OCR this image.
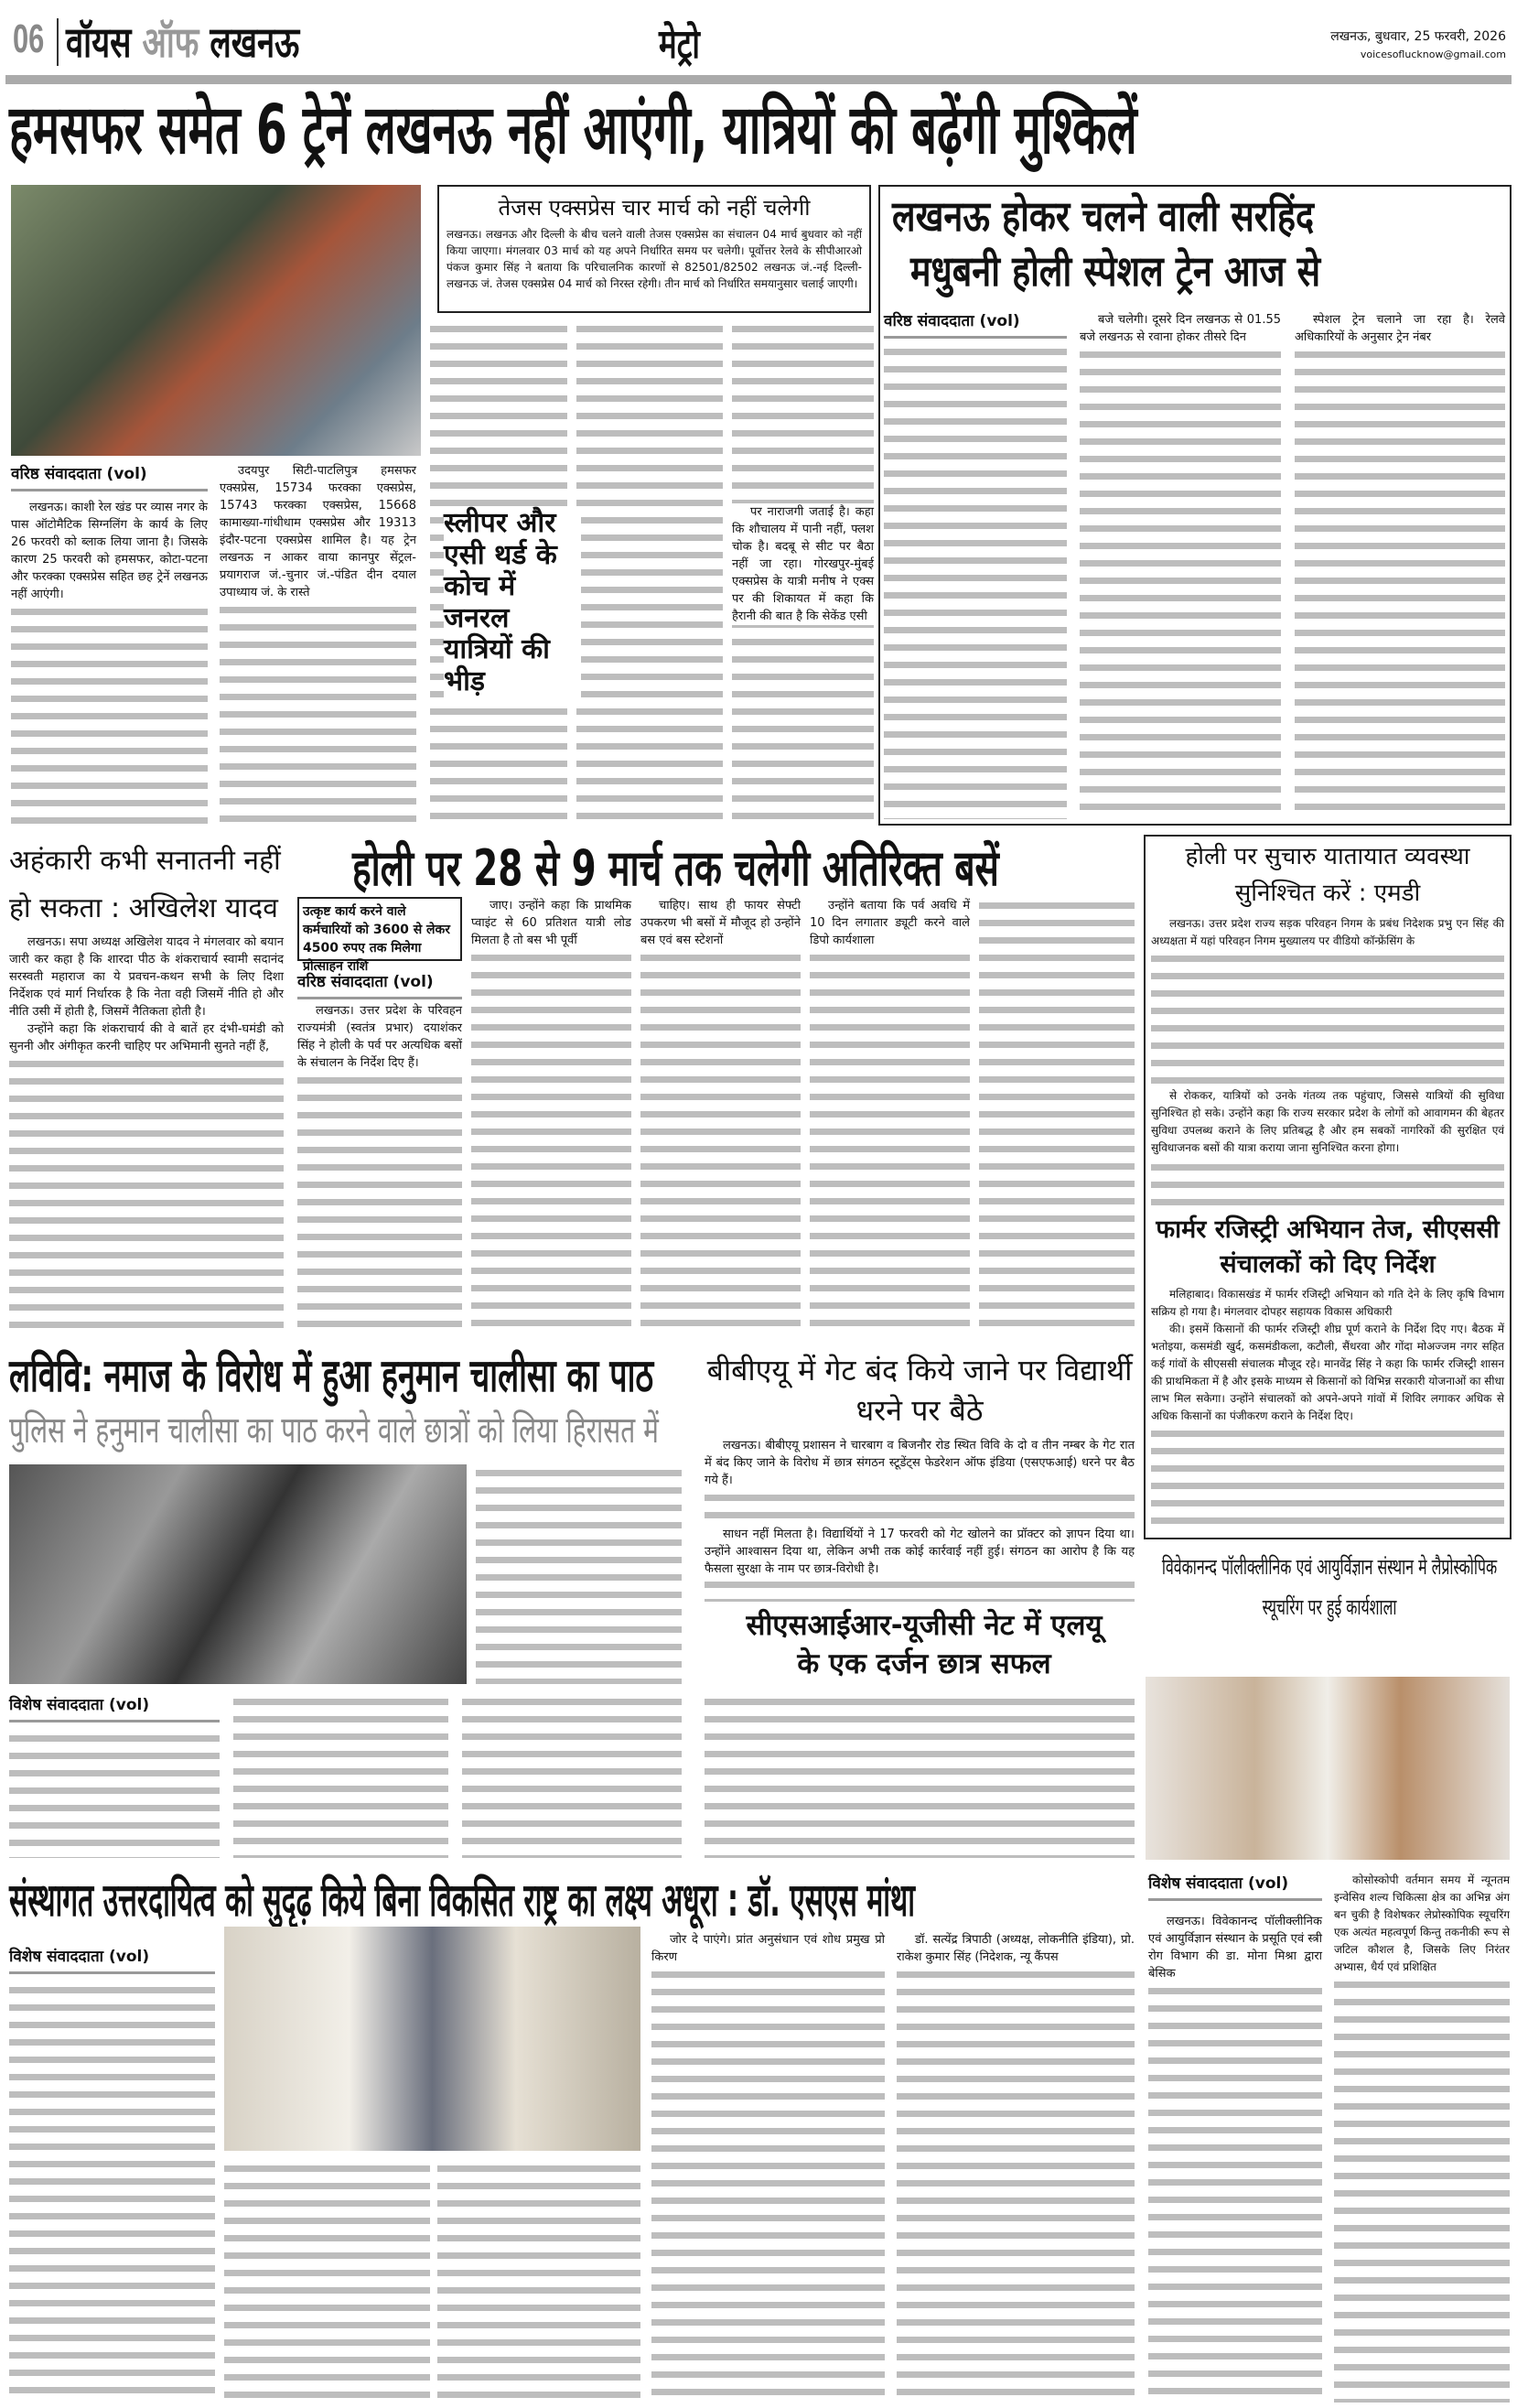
06 वॉयस ऑफ लखनऊ	मेट्रो	लखनऊ, बुधवार, 25 फरवरी, 2026
voicesoflucknow@gmail.com
हमसफर समेत 6 ट्रेनें लखनऊ नहीं आएंगी, यात्रियों की बढ़ेंगी मुश्किलें
वरिष्ठ संवाददाता (vol)

लखनऊ। काशी रेल खंड पर व्यास नगर के पास ऑटोमैटिक सिग्नलिंग के कार्य के लिए 26 फरवरी को ब्लाक लिया जाना है। जिसके कारण 25 फरवरी को हमसफर, कोटा-पटना और फरक्का एक्सप्रेस सहित छह ट्रेनें लखनऊ नहीं आएंगी।

उदयपुर सिटी-पाटलिपुत्र हमसफर एक्सप्रेस, 15734 फरक्का एक्सप्रेस, 15743 फरक्का एक्सप्रेस, 15668 कामाख्या-गांधीधाम एक्सप्रेस और 19313 इंदौर-पटना एक्सप्रेस शामिल है। यह ट्रेन लखनऊ न आकर वाया कानपुर सेंट्रल-प्रयागराज जं.-चुनार जं.-पंडित दीन दयाल उपाध्याय जं. के रास्ते

तेजस एक्सप्रेस चार मार्च को नहीं चलेगी
लखनऊ। लखनऊ और दिल्ली के बीच चलने वाली तेजस एक्सप्रेस का संचालन 04 मार्च बुधवार को नहीं किया जाएगा। मंगलवार 03 मार्च को यह अपने निर्धारित समय पर चलेगी। पूर्वोत्तर रेलवे के सीपीआरओ पंकज कुमार सिंह ने बताया कि परिचालनिक कारणों से 82501/82502 लखनऊ जं.-नई दिल्ली-लखनऊ जं. तेजस एक्सप्रेस 04 मार्च को निरस्त रहेगी। तीन मार्च को निर्धारित समयानुसार चलाई जाएगी।

पर नाराजगी जताई है। कहा कि शौचालय में पानी नहीं, फ्लश चोक है। बदबू से सीट पर बैठा नहीं जा रहा। गोरखपुर-मुंबई एक्सप्रेस के यात्री मनीष ने एक्स पर की शिकायत में कहा कि हैरानी की बात है कि सेकेंड एसी

स्लीपर और एसी थर्ड के कोच में जनरल यात्रियों की भीड़
लखनऊ होकर चलने वाली सरहिंद
मधुबनी होली स्पेशल ट्रेन आज से
वरिष्ठ संवाददाता (vol)	बजे चलेगी। दूसरे दिन लखनऊ से 01.55 बजे लखनऊ से रवाना होकर तीसरे दिन

स्पेशल ट्रेन चलाने जा रहा है। रेलवे अधिकारियों के अनुसार ट्रेन नंबर

अहंकारी कभी सनातनी नहीं हो सकता : अखिलेश यादव

लखनऊ। सपा अध्यक्ष अखिलेश यादव ने मंगलवार को बयान जारी कर कहा है कि शारदा पीठ के शंकराचार्य स्वामी सदानंद सरस्वती महाराज का ये प्रवचन-कथन सभी के लिए दिशा निर्देशक एवं मार्ग निर्धारक है कि नेता वही जिसमें नीति हो और नीति उसी में होती है, जिसमें नैतिकता होती है।

उन्होंने कहा कि शंकराचार्य की वे बातें हर दंभी-घमंडी को सुननी और अंगीकृत करनी चाहिए पर अभिमानी सुनते नहीं हैं,

होली पर 28 से 9 मार्च तक चलेगी अतिरिक्त बसें
उत्कृष्ट कार्य करने वाले कर्मचारियों को 3600 से लेकर 4500 रुपए तक मिलेगा प्रोत्साहन राशि
वरिष्ठ संवाददाता (vol)

लखनऊ। उत्तर प्रदेश के परिवहन राज्यमंत्री (स्वतंत्र प्रभार) दयाशंकर सिंह ने होली के पर्व पर अत्यधिक बसों के संचालन के निर्देश दिए हैं।

जाए। उन्होंने कहा कि प्राथमिक प्वाइंट से 60 प्रतिशत यात्री लोड मिलता है तो बस भी पूर्वी

चाहिए। साथ ही फायर सेफ्टी उपकरण भी बसों में मौजूद हो उन्होंने बस एवं बस स्टेशनों

उन्होंने बताया कि पर्व अवधि में 10 दिन लगातार ड्यूटी करने वाले डिपो कार्यशाला

होली पर सुचारु यातायात व्यवस्था सुनिश्चित करें : एमडी

लखनऊ। उत्तर प्रदेश राज्य सड़क परिवहन निगम के प्रबंध निदेशक प्रभु एन सिंह की अध्यक्षता में यहां परिवहन निगम मुख्यालय पर वीडियो कॉन्फ्रेंसिंग के

से रोककर, यात्रियों को उनके गंतव्य तक पहुंचाए, जिससे यात्रियों की सुविधा सुनिश्चित हो सके। उन्होंने कहा कि राज्य सरकार प्रदेश के लोगों को आवागमन की बेहतर सुविधा उपलब्ध कराने के लिए प्रतिबद्ध है और हम सबकों नागरिकों की सुरक्षित एवं सुविधाजनक बसों की यात्रा कराया जाना सुनिश्चित करना होगा।

फार्मर रजिस्ट्री अभियान तेज, सीएससी संचालकों को दिए निर्देश

मलिहाबाद। विकासखंड में फार्मर रजिस्ट्री अभियान को गति देने के लिए कृषि विभाग सक्रिय हो गया है। मंगलवार दोपहर सहायक विकास अधिकारी

की। इसमें किसानों की फार्मर रजिस्ट्री शीघ्र पूर्ण कराने के निर्देश दिए गए। बैठक में भतोइया, कसमंडी खुर्द, कसमंडीकला, कटौली, सैंधरवा और गोंदा मोअज्जम नगर सहित कई गांवों के सीएससी संचालक मौजूद रहे। मानवेंद्र सिंह ने कहा कि फार्मर रजिस्ट्री शासन की प्राथमिकता में है और इसके माध्यम से किसानों को विभिन्न सरकारी योजनाओं का सीधा लाभ मिल सकेगा। उन्होंने संचालकों को अपने-अपने गांवों में शिविर लगाकर अधिक से अधिक किसानों का पंजीकरण कराने के निर्देश दिए।

लविवि: नमाज के विरोध में हुआ हनुमान चालीसा का पाठ
पुलिस ने हनुमान चालीसा का पाठ करने वाले छात्रों को लिया हिरासत में
विशेष संवाददाता (vol)
बीबीएयू में गेट बंद किये जाने पर विद्यार्थी धरने पर बैठे

लखनऊ। बीबीएयू प्रशासन ने चारबाग व बिजनौर रोड स्थित विवि के दो व तीन नम्बर के गेट रात में बंद किए जाने के विरोध में छात्र संगठन स्टूडेंट्स फेडरेशन ऑफ इंडिया (एसएफआई) धरने पर बैठ गये हैं।

साधन नहीं मिलता है। विद्यार्थियों ने 17 फरवरी को गेट खोलने का प्रॉक्टर को ज्ञापन दिया था। उन्होंने आश्वासन दिया था, लेकिन अभी तक कोई कार्रवाई नहीं हुई। संगठन का आरोप है कि यह फैसला सुरक्षा के नाम पर छात्र-विरोधी है।

सीएसआईआर-यूजीसी नेट में एलयू के एक दर्जन छात्र सफल
विवेकानन्द पॉलीक्लीनिक एवं आयुर्विज्ञान संस्थान मे लैप्रोस्कोपिक स्यूचरिंग पर हुई कार्यशाला
संस्थागत उत्तरदायित्व को सुदृढ़ किये बिना विकसित राष्ट्र का लक्ष्य अधूरा : डॉ. एसएस मांथा
विशेष संवाददाता (vol)

जोर दे पाएंगे। प्रांत अनुसंधान एवं शोध प्रमुख प्रो किरण

डॉ. सत्येंद्र त्रिपाठी (अध्यक्ष, लोकनीति इंडिया), प्रो. राकेश कुमार सिंह (निदेशक, न्यू कैंपस

विशेष संवाददाता (vol)

लखनऊ। विवेकानन्द पॉलीक्लीनिक एवं आयुर्विज्ञान संस्थान के प्रसूति एवं स्त्री रोग विभाग की डा. मोना मिश्रा द्वारा बेसिक

कोसोस्कोपी वर्तमान समय में न्यूनतम इन्वेसिव शल्य चिकित्सा क्षेत्र का अभिन्न अंग बन चुकी है विशेषकर लेप्रोस्कोपिक स्यूचरिंग एक अत्यंत महत्वपूर्ण किन्तु तकनीकी रूप से जटिल कौशल है, जिसके लिए निरंतर अभ्यास, धैर्य एवं प्रशिक्षित
